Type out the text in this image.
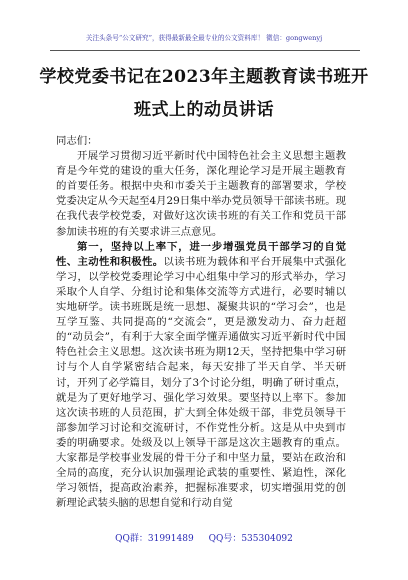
关注头条号“公文研究”，获得最新最全最专业的公文资料库！ 微信：gongwenyj
学校党委书记在2023年主题教育读书班开
班式上的动员讲话

同志们：

开展学习贯彻习近平新时代中国特色社会主义思想主题教育是今年党的建设的重大任务，深化理论学习是开展主题教育的首要任务。根据中央和市委关于主题教育的部署要求，学校党委决定从今天起至4月29日集中举办党员领导干部读书班。现在我代表学校党委，对做好这次读书班的有关工作和党员干部参加读书班的有关要求讲三点意见。

第一，坚持以上率下，进一步增强党员干部学习的自觉性、主动性和积极性。以读书班为载体和平台开展集中式强化学习，以学校党委理论学习中心组集中学习的形式举办，学习采取个人自学、分组讨论和集体交流等方式进行，必要时辅以实地研学。读书班既是统一思想、凝聚共识的“学习会”，也是互学互鉴、共同提高的“交流会”，更是激发动力、奋力赶超的“动员会”，有利于大家全面学懂弄通做实习近平新时代中国特色社会主义思想。这次读书班为期12天，坚持把集中学习研讨与个人自学紧密结合起来，每天安排了半天自学、半天研讨，开列了必学篇目，划分了3个讨论分组，明确了研讨重点，就是为了更好地学习、强化学习效果。要坚持以上率下。参加这次读书班的人员范围，扩大到全体处级干部，非党员领导干部参加学习讨论和交流研讨，不作党性分析。这是从中央到市委的明确要求。处级及以上领导干部是这次主题教育的重点。大家都是学校事业发展的骨干分子和中坚力量，要站在政治和全局的高度，充分认识加强理论武装的重要性、紧迫性，深化学习领悟，提高政治素养，把握标准要求，切实增强用党的创新理论武装头脑的思想自觉和行动自觉

QQ群：31991489 QQ号：535304092
